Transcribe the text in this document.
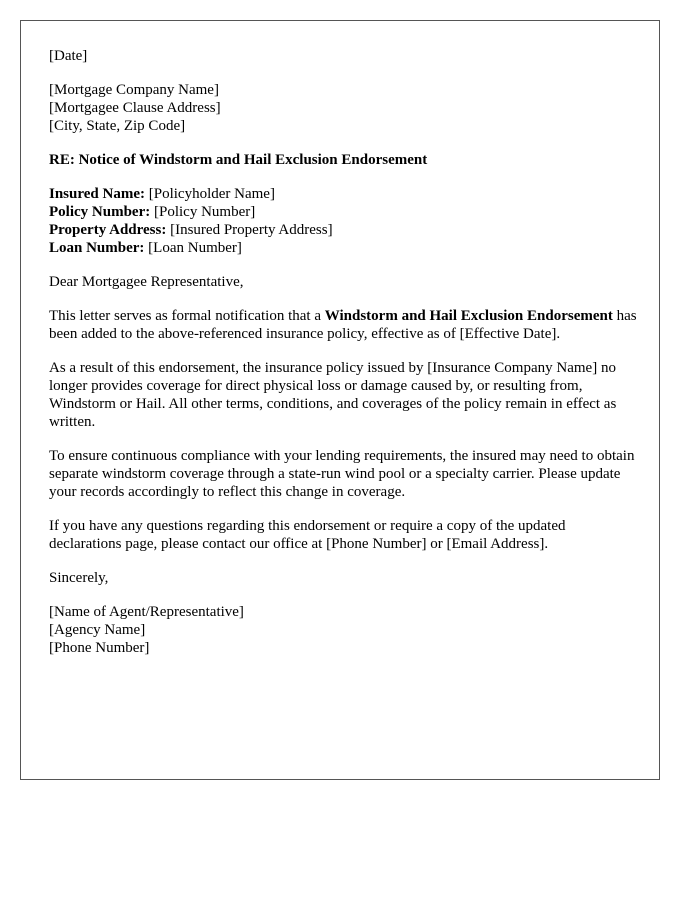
[Date]
[Mortgage Company Name]
[Mortgagee Clause Address]
[City, State, Zip Code]
RE: Notice of Windstorm and Hail Exclusion Endorsement
Insured Name: [Policyholder Name]
Policy Number: [Policy Number]
Property Address: [Insured Property Address]
Loan Number: [Loan Number]
Dear Mortgagee Representative,
This letter serves as formal notification that a Windstorm and Hail Exclusion Endorsement has been added to the above-referenced insurance policy, effective as of [Effective Date].
As a result of this endorsement, the insurance policy issued by [Insurance Company Name] no longer provides coverage for direct physical loss or damage caused by, or resulting from, Windstorm or Hail. All other terms, conditions, and coverages of the policy remain in effect as written.
To ensure continuous compliance with your lending requirements, the insured may need to obtain separate windstorm coverage through a state-run wind pool or a specialty carrier. Please update your records accordingly to reflect this change in coverage.
If you have any questions regarding this endorsement or require a copy of the updated declarations page, please contact our office at [Phone Number] or [Email Address].
Sincerely,
[Name of Agent/Representative]
[Agency Name]
[Phone Number]
